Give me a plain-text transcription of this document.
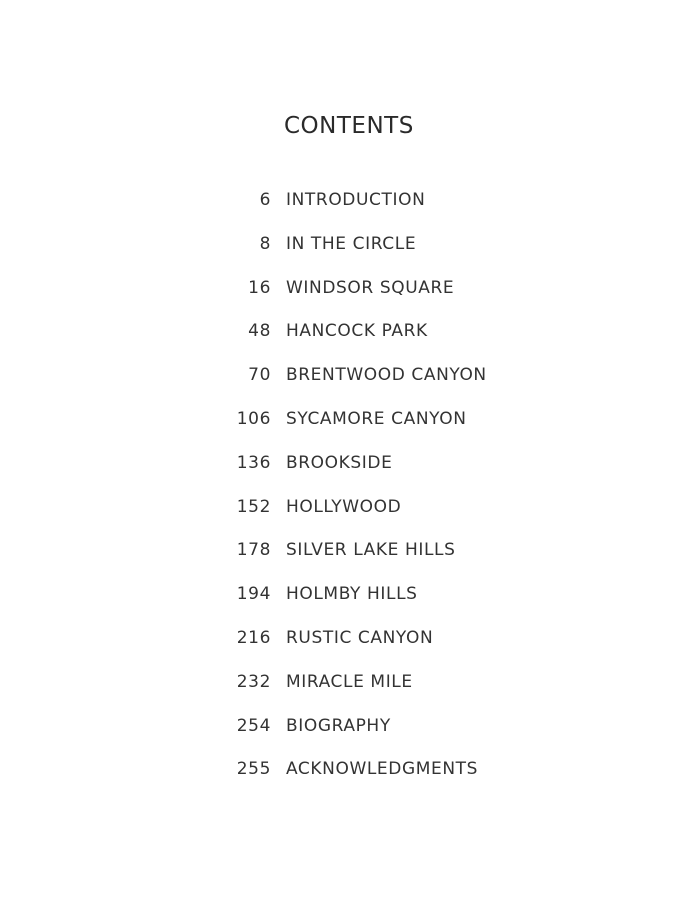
CONTENTS
6 INTRODUCTION
8 IN THE CIRCLE
16 WINDSOR SQUARE
48 HANCOCK PARK
70 BRENTWOOD CANYON
106 SYCAMORE CANYON
136 BROOKSIDE
152 HOLLYWOOD
178 SILVER LAKE HILLS
194 HOLMBY HILLS
216 RUSTIC CANYON
232 MIRACLE MILE
254 BIOGRAPHY
255 ACKNOWLEDGMENTS
